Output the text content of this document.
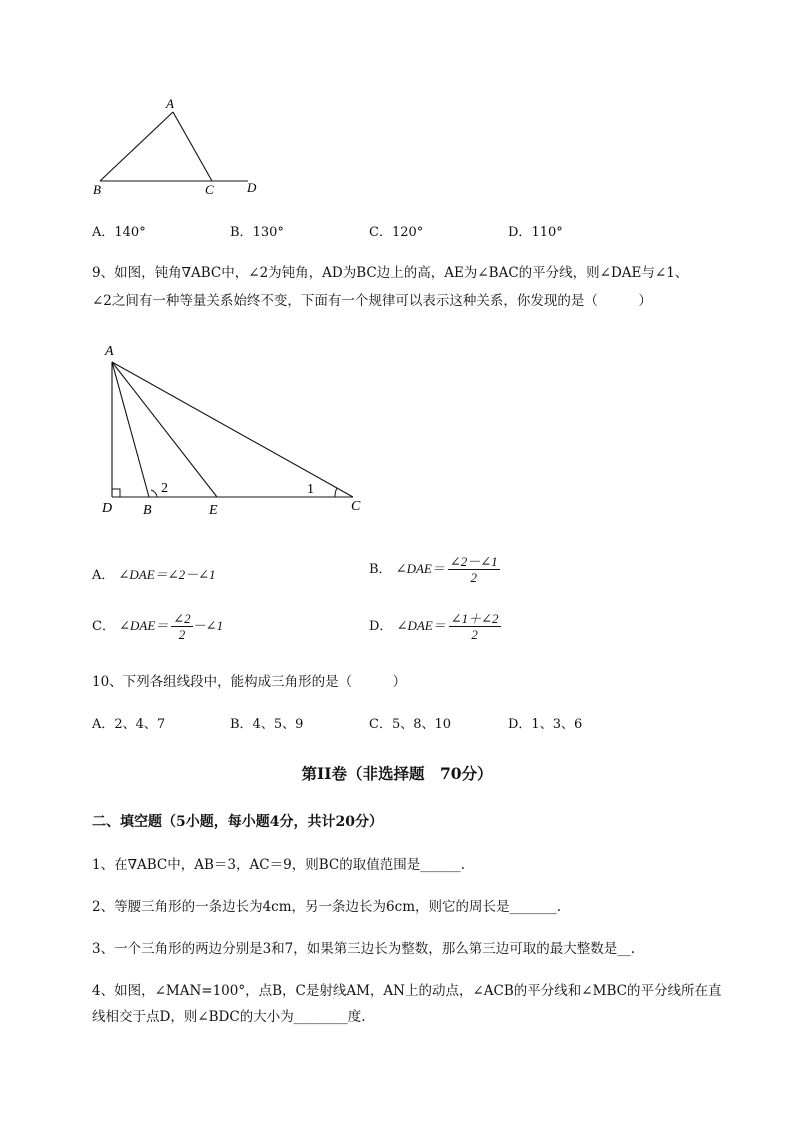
A
B	C	D
A．140°	B．130°	C．120°	D．110°
9、如图，钝角∇ABC中，∠2为钝角，AD为BC边上的高，AE为∠BAC的平分线，则∠DAE与∠1、
∠2之间有一种等量关系始终不变，下面有一个规律可以表示这种关系，你发现的是（　　　）
A
D B	E	C
1
2
A． ∠DAE＝∠2－∠1	B． ∠DAE＝ $\frac{\angle 2-\angle 1}{2}$
C． ∠DAE＝ $\frac{\angle 2}{2}$ －∠1	D． ∠DAE＝ $\frac{\angle 1+\angle 2}{2}$
10、下列各组线段中，能构成三角形的是（　　　）
A．2、4、7	B．4、5、9	C．5、8、10	D．1、3、6
第II卷（非选择题　70分）
二、填空题（5小题，每小题4分，共计20分）
1、在∇ABC中，AB＝3，AC＝9，则BC的取值范围是______.
2、等腰三角形的一条边长为4cm，另一条边长为6cm，则它的周长是_______.
3、一个三角形的两边分别是3和7，如果第三边长为整数，那么第三边可取的最大整数是__.
4、如图，∠MAN=100°，点B，C是射线AM，AN上的动点，∠ACB的平分线和∠MBC的平分线所在直
线相交于点D，则∠BDC的大小为________度.
